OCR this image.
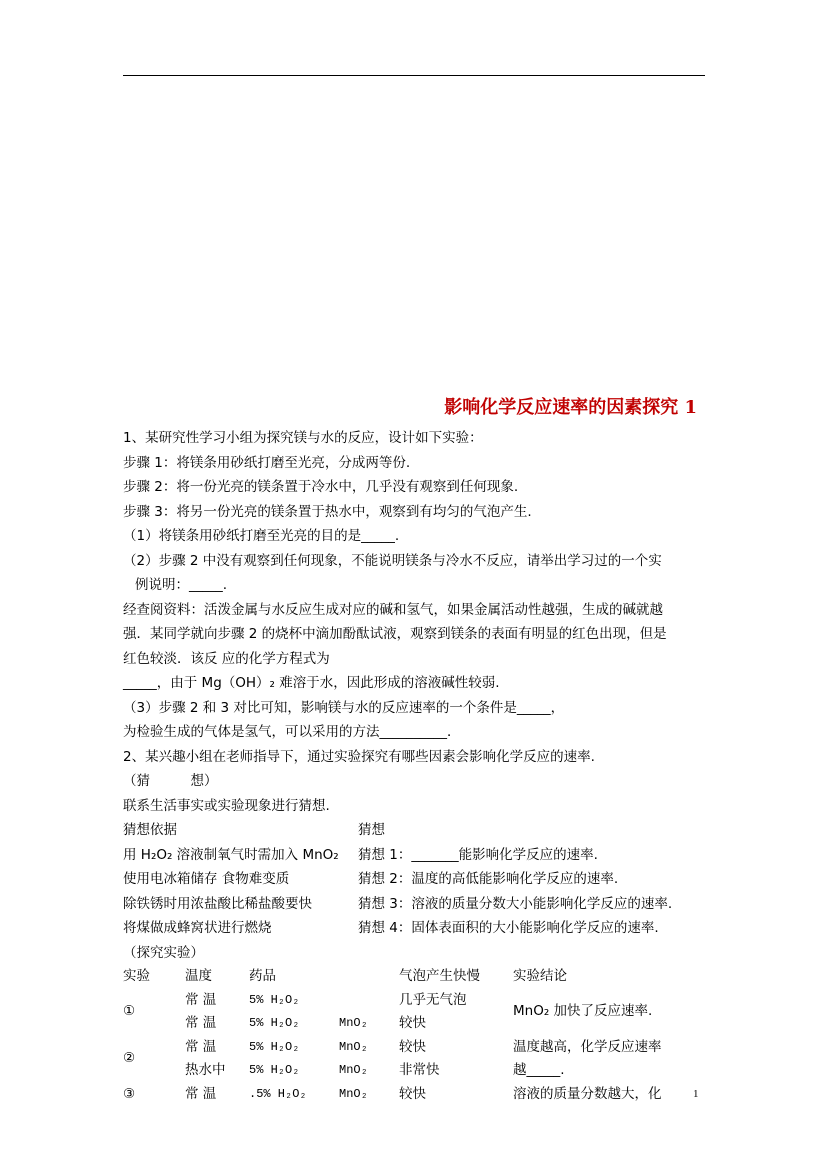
影响化学反应速率的因素探究 1
1、某研究性学习小组为探究镁与水的反应，设计如下实验：
步骤 1：将镁条用砂纸打磨至光亮，分成两等份.
步骤 2：将一份光亮的镁条置于冷水中，几乎没有观察到任何现象.
步骤 3：将另一份光亮的镁条置于热水中，观察到有均匀的气泡产生.
（1）将镁条用砂纸打磨至光亮的目的是_____.
（2）步骤 2 中没有观察到任何现象，不能说明镁条与冷水不反应，请举出学习过的一个实
例说明：_____.
经查阅资料：活泼金属与水反应生成对应的碱和氢气，如果金属活动性越强，生成的碱就越
强．某同学就向步骤 2 的烧杯中滴加酚酞试液，观察到镁条的表面有明显的红色出现，但是
红色较淡．该反 应的化学方程式为
_____，由于 Mg（OH）₂ 难溶于水，因此形成的溶液碱性较弱.
（3）步骤 2 和 3 对比可知，影响镁与水的反应速率的一个条件是_____，
为检验生成的气体是氢气，可以采用的方法__________．
2、某兴趣小组在老师指导下，通过实验探究有哪些因素会影响化学反应的速率.
（猜　　　想）
联系生活事实或实验现象进行猜想.
猜想依据	猜想
用 H₂O₂ 溶液制氧气时需加入 MnO₂ 猜想 1：_______能影响化学反应的速率.
使用电冰箱储存 食物难变质	猜想 2：温度的高低能影响化学反应的速率.
除铁锈时用浓盐酸比稀盐酸要快	猜想 3：溶液的质量分数大小能影响化学反应的速率.
将煤做成蜂窝状进行燃烧	猜想 4：固体表面积的大小能影响化学反应的速率.
（探究实验）
实验	温度	药品		气泡产生快慢	实验结论
①	常 温	5% H₂O₂		几乎无气泡	MnO₂ 加快了反应速率.
	常 温	5% H₂O₂	MnO₂	较快	
②	常 温	5% H₂O₂	MnO₂	较快	温度越高，化学反应速率
	热水中	5% H₂O₂	MnO₂	非常快	越_____.
③	常 温	.5% H₂O₂	MnO₂	较快	溶液的质量分数越大，化	1
